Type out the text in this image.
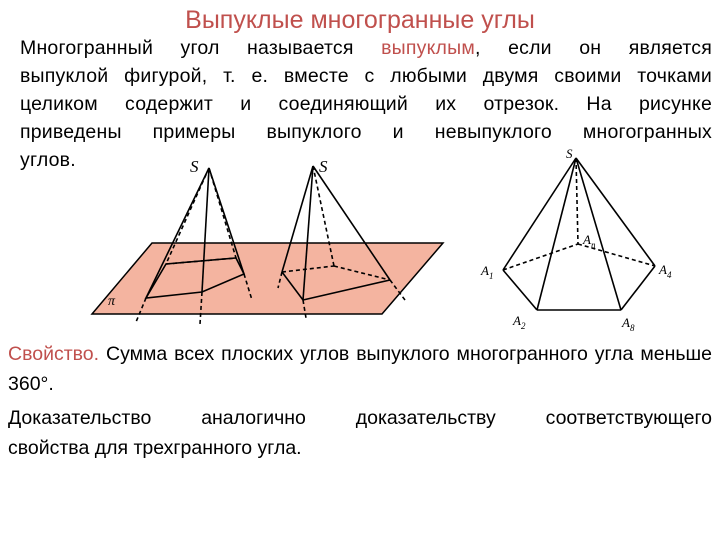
Выпуклые многогранные углы
Многогранный угол называется выпуклым, если он является
выпуклой фигурой, т. е. вместе с любыми двумя своими точками
целиком содержит и соединяющий их отрезок. На рисунке
приведены примеры выпуклого и невыпуклого многогранных
углов.	S	S
π
S
$A_1$
$A_2$	$A_8$
$A_4$
$A_n$
Свойство. Сумма всех плоских углов выпуклого многогранного угла меньше 360°.
Доказательство аналогично доказательству соответствующего
свойства для трехгранного угла.
